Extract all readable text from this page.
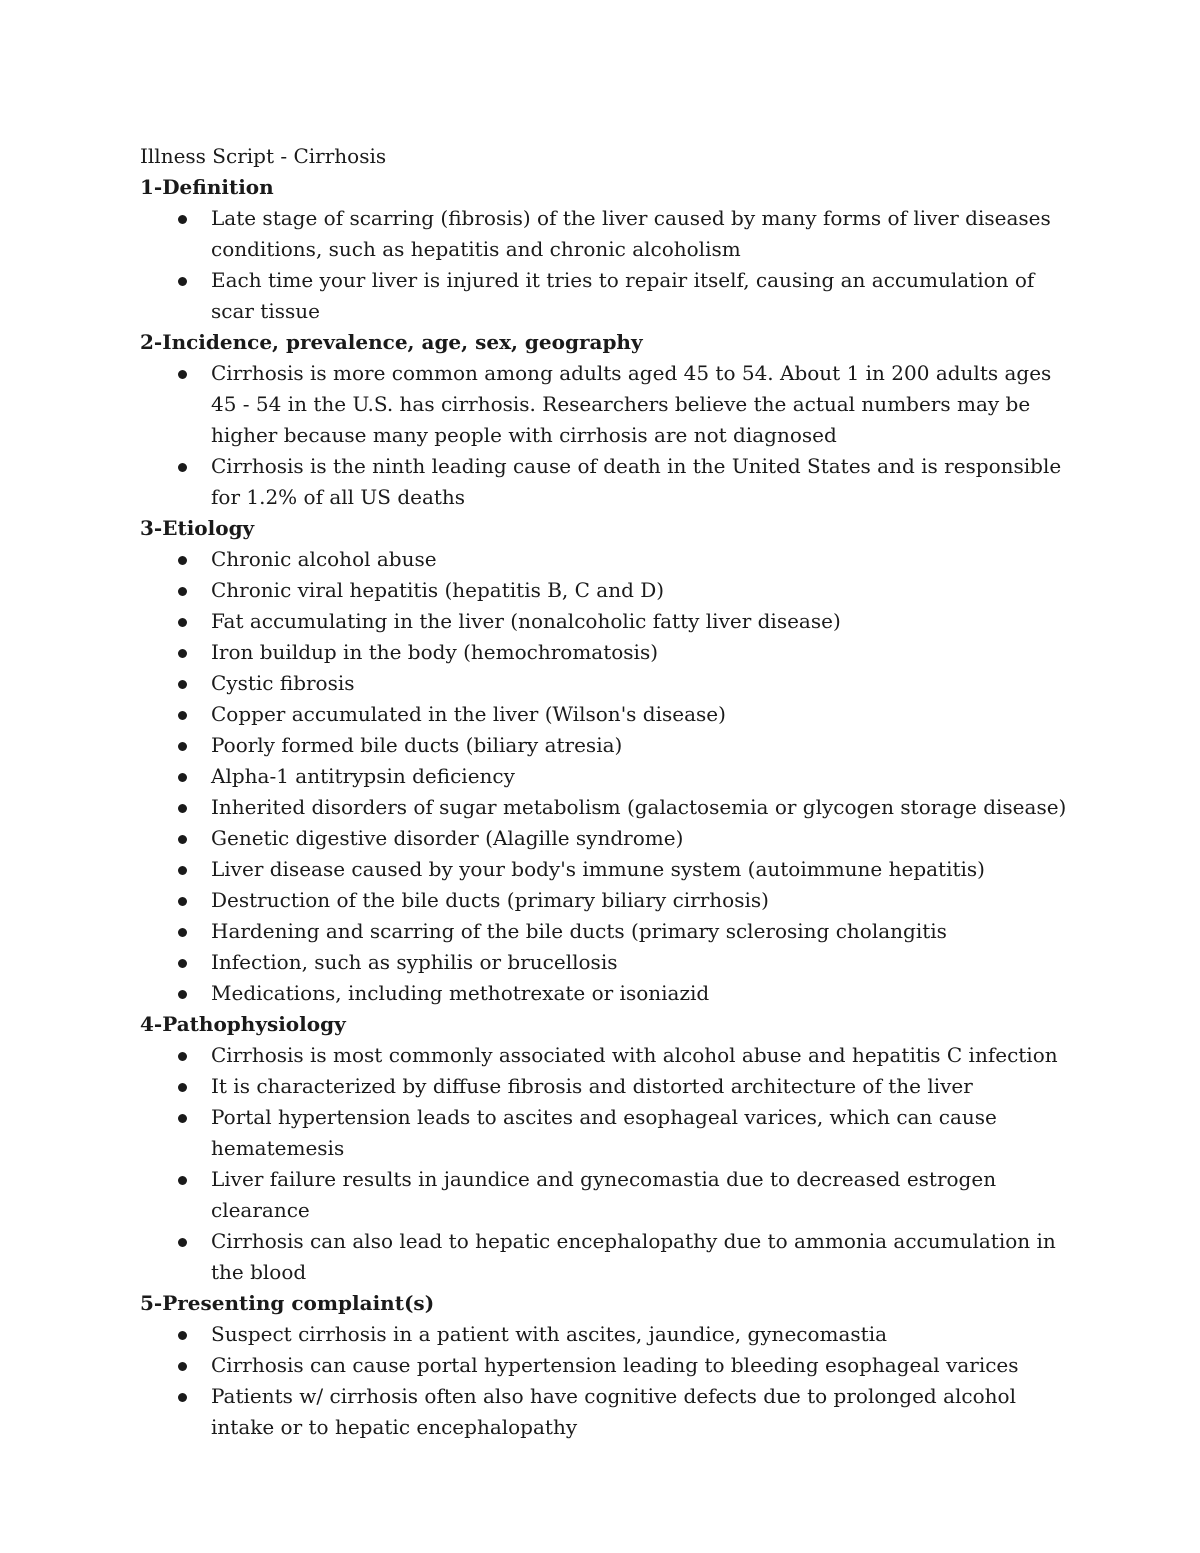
Illness Script - Cirrhosis
1-Definition
Late stage of scarring (fibrosis) of the liver caused by many forms of liver diseases conditions, such as hepatitis and chronic alcoholism
Each time your liver is injured it tries to repair itself, causing an accumulation of scar tissue
2-Incidence, prevalence, age, sex, geography
Cirrhosis is more common among adults aged 45 to 54. About 1 in 200 adults ages 45 - 54 in the U.S. has cirrhosis. Researchers believe the actual numbers may be higher because many people with cirrhosis are not diagnosed
Cirrhosis is the ninth leading cause of death in the United States and is responsible for 1.2% of all US deaths
3-Etiology
Chronic alcohol abuse
Chronic viral hepatitis (hepatitis B, C and D)
Fat accumulating in the liver (nonalcoholic fatty liver disease)
Iron buildup in the body (hemochromatosis)
Cystic fibrosis
Copper accumulated in the liver (Wilson's disease)
Poorly formed bile ducts (biliary atresia)
Alpha-1 antitrypsin deficiency
Inherited disorders of sugar metabolism (galactosemia or glycogen storage disease)
Genetic digestive disorder (Alagille syndrome)
Liver disease caused by your body's immune system (autoimmune hepatitis)
Destruction of the bile ducts (primary biliary cirrhosis)
Hardening and scarring of the bile ducts (primary sclerosing cholangitis
Infection, such as syphilis or brucellosis
Medications, including methotrexate or isoniazid
4-Pathophysiology
Cirrhosis is most commonly associated with alcohol abuse and hepatitis C infection
It is characterized by diffuse fibrosis and distorted architecture of the liver
Portal hypertension leads to ascites and esophageal varices, which can cause hematemesis
Liver failure results in jaundice and gynecomastia due to decreased estrogen clearance
Cirrhosis can also lead to hepatic encephalopathy due to ammonia accumulation in the blood
5-Presenting complaint(s)
Suspect cirrhosis in a patient with ascites, jaundice, gynecomastia
Cirrhosis can cause portal hypertension leading to bleeding esophageal varices
Patients w/ cirrhosis often also have cognitive defects due to prolonged alcohol intake or to hepatic encephalopathy
